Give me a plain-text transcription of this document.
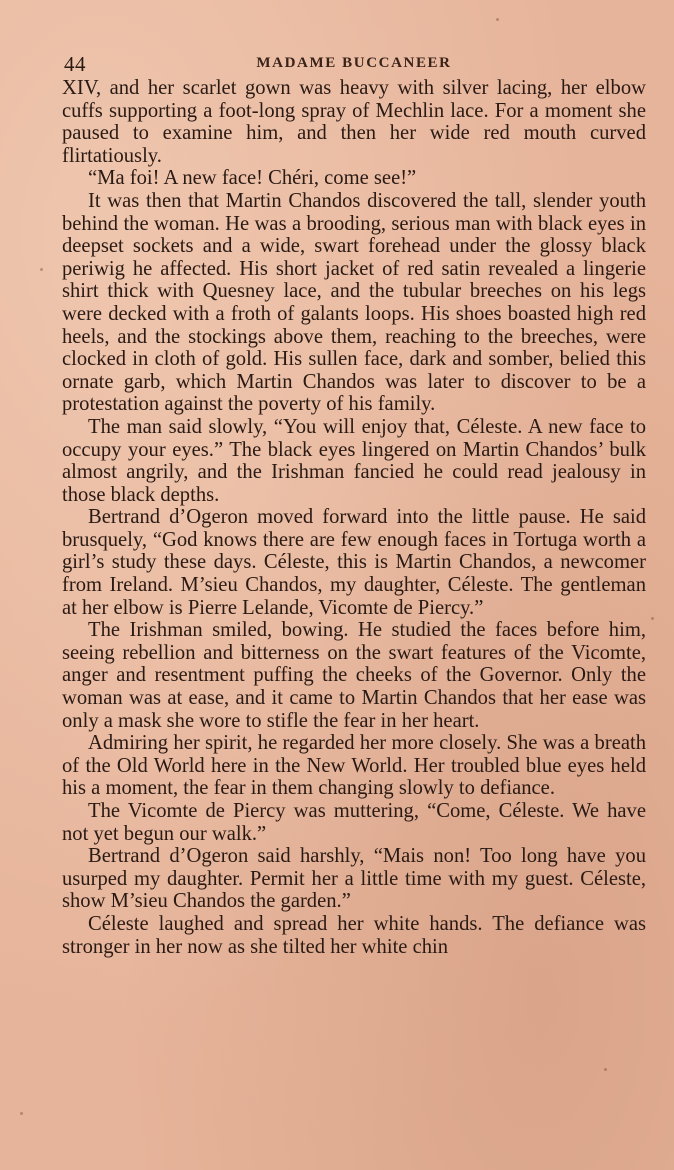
44	MADAME BUCCANEER

XIV, and her scarlet gown was heavy with silver lacing, her elbow cuffs supporting a foot-long spray of Mechlin lace. For a moment she paused to examine him, and then her wide red mouth curved flirtatiously.

“Ma foi! A new face! Chéri, come see!”

It was then that Martin Chandos discovered the tall, slender youth behind the woman. He was a brooding, serious man with black eyes in deepset sockets and a wide, swart forehead under the glossy black periwig he affected. His short jacket of red satin revealed a lingerie shirt thick with Quesney lace, and the tubular breeches on his legs were decked with a froth of galants loops. His shoes boasted high red heels, and the stockings above them, reaching to the breeches, were clocked in cloth of gold. His sullen face, dark and somber, belied this ornate garb, which Martin Chandos was later to discover to be a protestation against the poverty of his family.

The man said slowly, “You will enjoy that, Céleste. A new face to occupy your eyes.” The black eyes lingered on Martin Chandos’ bulk almost angrily, and the Irishman fancied he could read jealousy in those black depths.

Bertrand d’Ogeron moved forward into the little pause. He said brusquely, “God knows there are few enough faces in Tortuga worth a girl’s study these days. Céleste, this is Martin Chandos, a newcomer from Ireland. M’sieu Chandos, my daughter, Céleste. The gentleman at her elbow is Pierre Lelande, Vicomte de Piercy.”

The Irishman smiled, bowing. He studied the faces before him, seeing rebellion and bitterness on the swart features of the Vicomte, anger and resentment puffing the cheeks of the Governor. Only the woman was at ease, and it came to Martin Chandos that her ease was only a mask she wore to stifle the fear in her heart.

Admiring her spirit, he regarded her more closely. She was a breath of the Old World here in the New World. Her troubled blue eyes held his a moment, the fear in them changing slowly to defiance.

The Vicomte de Piercy was muttering, “Come, Céleste. We have not yet begun our walk.”

Bertrand d’Ogeron said harshly, “Mais non! Too long have you usurped my daughter. Permit her a little time with my guest. Céleste, show M’sieu Chandos the garden.”

Céleste laughed and spread her white hands. The defiance was stronger in her now as she tilted her white chin
